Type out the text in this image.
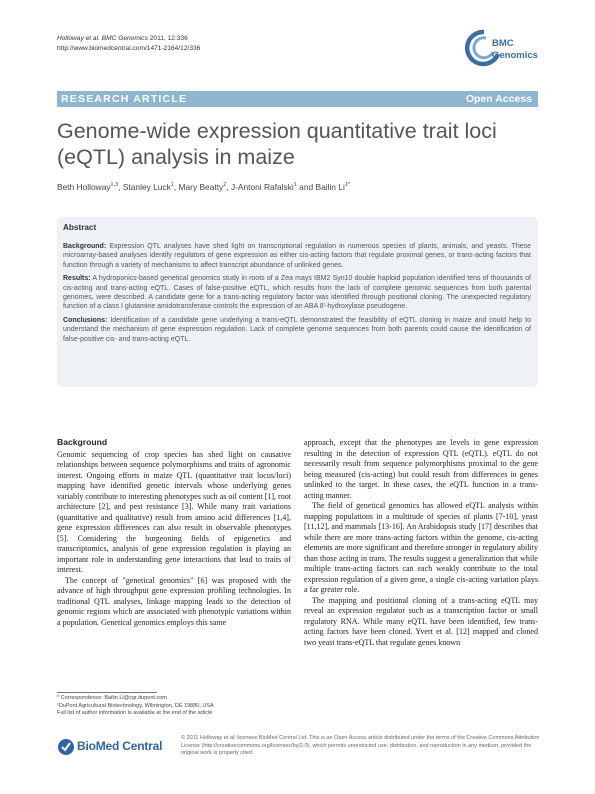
Holloway et al. BMC Genomics 2011, 12:336
http://www.biomedcentral.com/1471-2164/12/336	BMC
Genomics
RESEARCH ARTICLE	Open Access
Genome-wide expression quantitative trait loci (eQTL) analysis in maize
Beth Holloway$^{1,3}$, Stanley Luck$^1$, Mary Beatty$^2$, J-Antoni Rafalski$^1$ and Bailin $Li^{1*}$
Abstract

Background: Expression QTL analyses have shed light on transcriptional regulation in numerous species of plants, animals, and yeasts. These microarray-based analyses identify regulators of gene expression as either cis-acting factors that regulate proximal genes, or trans-acting factors that function through a variety of mechanisms to affect transcript abundance of unlinked genes.

Results: A hydroponics-based genetical genomics study in roots of a Zea mays IBM2 Syn10 double haploid population identified tens of thousands of cis-acting and trans-acting eQTL. Cases of false-positive eQTL, which results from the lack of complete genomic sequences from both parental genomes, were described. A candidate gene for a trans-acting regulatory factor was identified through positional cloning. The unexpected regulatory function of a class I glutamine amidotransferase controls the expression of an ABA 8'-hydroxylase pseudogene.

Conclusions: Identification of a candidate gene underlying a trans-eQTL demonstrated the feasibility of eQTL cloning in maize and could help to understand the mechanism of gene expression regulation. Lack of complete genome sequences from both parents could cause the identification of false-positive cis- and trans-acting eQTL.

Background

Genomic sequencing of crop species has shed light on causative relationships between sequence polymorphisms and traits of agronomic interest. Ongoing efforts in maize QTL (quantitative trait locus/loci) mapping have identified genetic intervals whose underlying genes variably contribute to interesting phenotypes such as oil content [1], root architecture [2], and pest resistance [3]. While many trait variations (quantitative and qualitative) result from amino acid differences [1,4], gene expression differences can also result in observable phenotypes [5]. Considering the burgeoning fields of epigenetics and transcriptomics, analysis of gene expression regulation is playing an important role in understanding gene interactions that lead to traits of interest.

The concept of "genetical genomics" [6] was proposed with the advance of high throughput gene expression profiling technologies. In traditional QTL analyses, linkage mapping leads to the detection of genomic regions which are associated with phenotypic variations within a population. Genetical genomics employs this same

approach, except that the phenotypes are levels in gene expression resulting in the detection of expression QTL (eQTL). eQTL do not necessarily result from sequence polymorphisms proximal to the gene being measured (cis-acting) but could result from differences in genes unlinked to the target. In these cases, the eQTL function in a trans-acting manner.

The field of genetical genomics has allowed eQTL analysis within mapping populations in a multitude of species of plants [7-10], yeast [11,12], and mammals [13-16]. An Arabidopsis study [17] describes that while there are more trans-acting factors within the genome, cis-acting elements are more significant and therefore stronger in regulatory ability than those acting in trans. The results suggest a generalization that while multiple trans-acting factors can each weakly contribute to the total expression regulation of a given gene, a single cis-acting variation plays a far greater role.

The mapping and positional cloning of a trans-acting eQTL may reveal an expression regulator such as a transcription factor or small regulatory RNA. While many eQTL have been identified, few trans-acting factors have been cloned. Yvert et al. [12] mapped and cloned two yeast trans-eQTL that regulate genes known

* Correspondence: Bailin.Li@cgr.dupont.com
¹DuPont Agricultural Biotechnology, Wilmington, DE 19880, USA
Full list of author information is available at the end of the article
BioMed Central
© 2011 Holloway et al; licensee BioMed Central Ltd. This is an Open Access article distributed under the terms of the Creative Commons Attribution License (http://creativecommons.org/licenses/by/2.0), which permits unrestricted use, distribution, and reproduction in any medium, provided the original work is properly cited.
